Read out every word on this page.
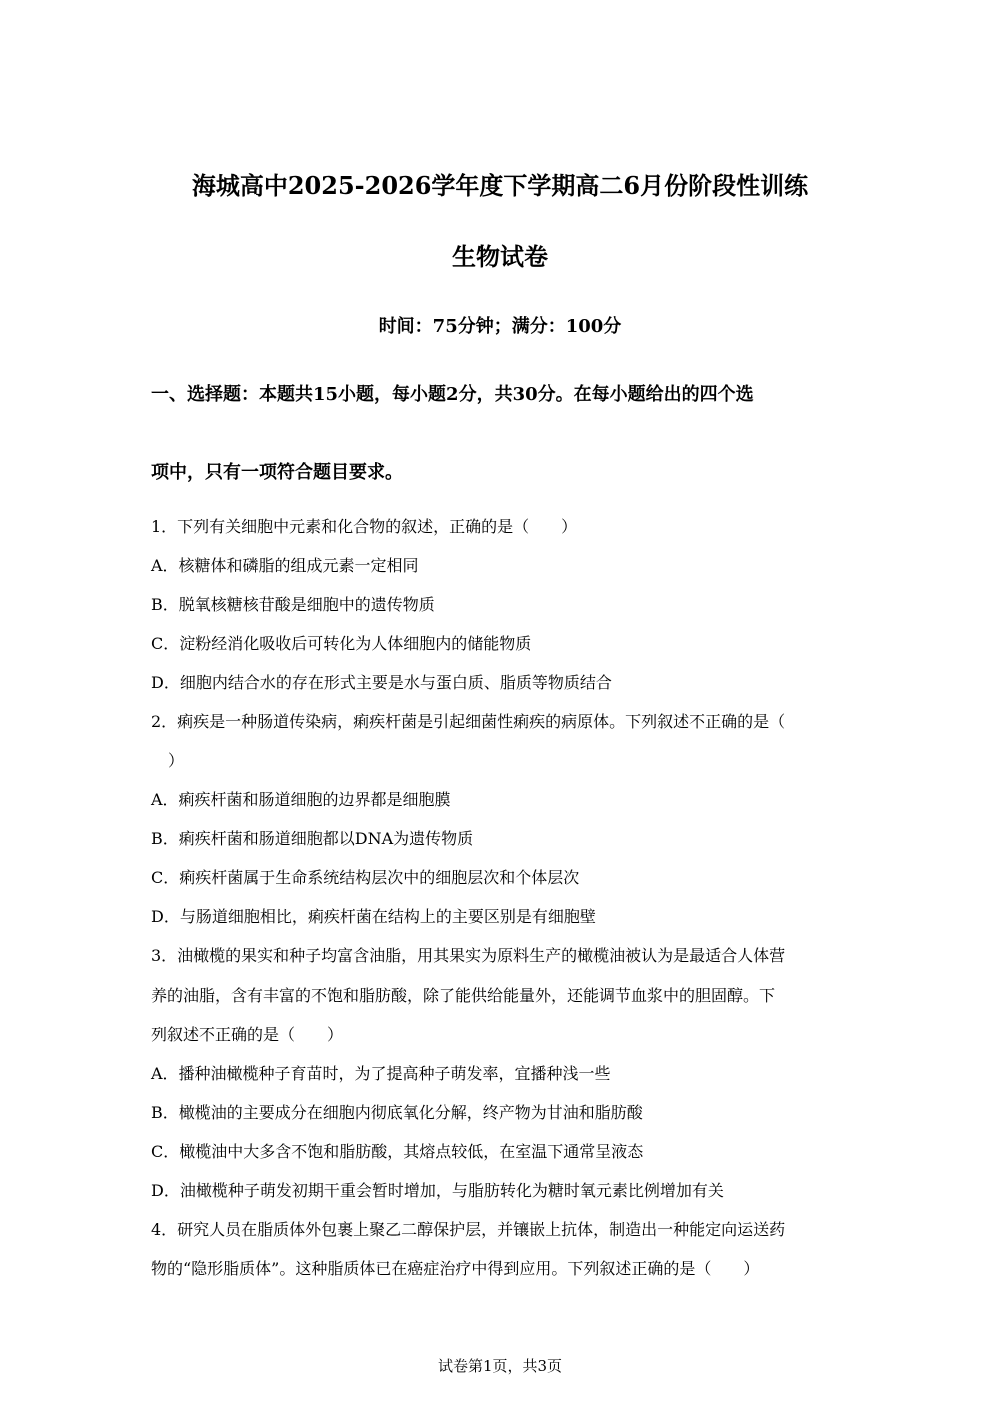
海城高中2025-2026学年度下学期高二6月份阶段性训练
生物试卷
时间：75分钟；满分：100分
一、选择题：本题共15小题，每小题2分，共30分。在每小题给出的四个选
项中，只有一项符合题目要求。
1．下列有关细胞中元素和化合物的叙述，正确的是（　　）
A．核糖体和磷脂的组成元素一定相同
B．脱氧核糖核苷酸是细胞中的遗传物质
C．淀粉经消化吸收后可转化为人体细胞内的储能物质
D．细胞内结合水的存在形式主要是水与蛋白质、脂质等物质结合
2．痢疾是一种肠道传染病，痢疾杆菌是引起细菌性痢疾的病原体。下列叙述不正确的是（
）
A．痢疾杆菌和肠道细胞的边界都是细胞膜
B．痢疾杆菌和肠道细胞都以DNA为遗传物质
C．痢疾杆菌属于生命系统结构层次中的细胞层次和个体层次
D．与肠道细胞相比，痢疾杆菌在结构上的主要区别是有细胞壁
3．油橄榄的果实和种子均富含油脂，用其果实为原料生产的橄榄油被认为是最适合人体营
养的油脂，含有丰富的不饱和脂肪酸，除了能供给能量外，还能调节血浆中的胆固醇。下
列叙述不正确的是（　　）
A．播种油橄榄种子育苗时，为了提高种子萌发率，宜播种浅一些
B．橄榄油的主要成分在细胞内彻底氧化分解，终产物为甘油和脂肪酸
C．橄榄油中大多含不饱和脂肪酸，其熔点较低，在室温下通常呈液态
D．油橄榄种子萌发初期干重会暂时增加，与脂肪转化为糖时氧元素比例增加有关
4．研究人员在脂质体外包裹上聚乙二醇保护层，并镶嵌上抗体，制造出一种能定向运送药
物的“隐形脂质体”。这种脂质体已在癌症治疗中得到应用。下列叙述正确的是（　　）
试卷第1页，共3页
